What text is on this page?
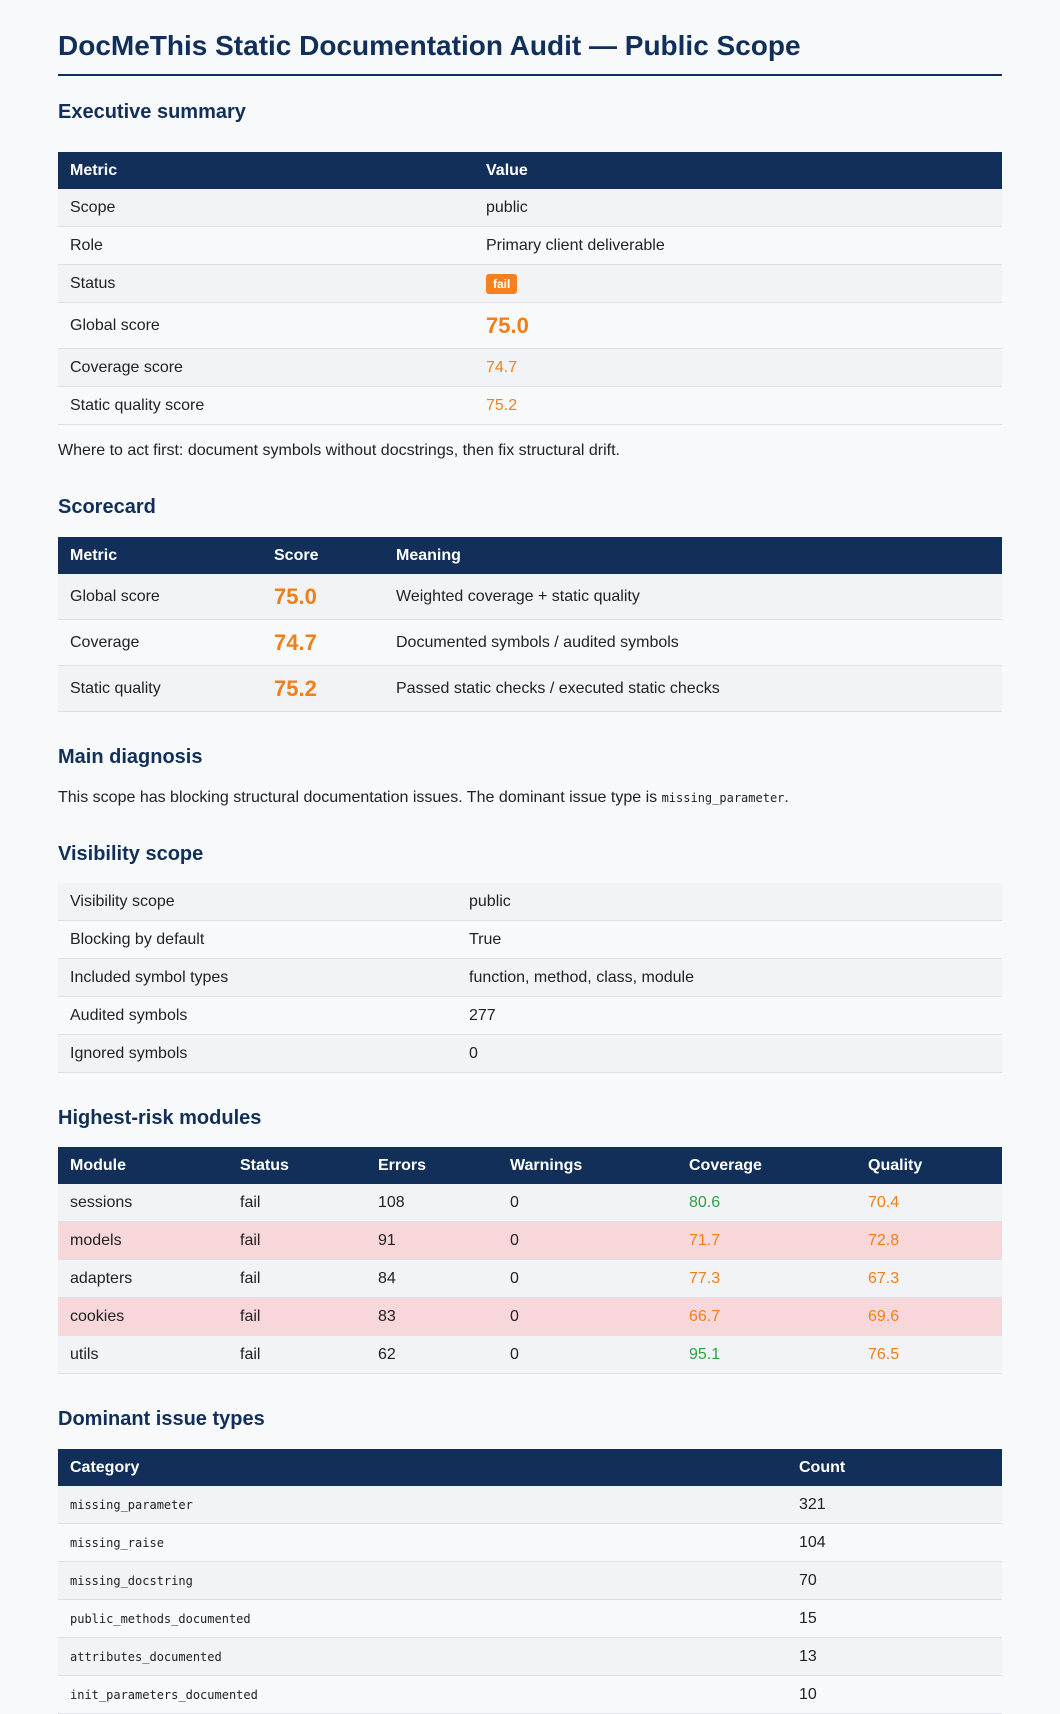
DocMeThis Static Documentation Audit — Public Scope
Executive summary
Metric	Value
Scope	public
Role	Primary client deliverable
Status	fail
Global score	75.0
Coverage score	74.7
Static quality score	75.2

Where to act first: document symbols without docstrings, then fix structural drift.

Scorecard
Metric	Score	Meaning
Global score	75.0	Weighted coverage + static quality
Coverage	74.7	Documented symbols / audited symbols
Static quality	75.2	Passed static checks / executed static checks
Main diagnosis

This scope has blocking structural documentation issues. The dominant issue type is missing_parameter.

Visibility scope
Visibility scope	public
Blocking by default	True
Included symbol types	function, method, class, module
Audited symbols	277
Ignored symbols	0
Highest-risk modules
Module	Status	Errors	Warnings	Coverage	Quality
sessions	fail	108	0	80.6	70.4
models	fail	91	0	71.7	72.8
adapters	fail	84	0	77.3	67.3
cookies	fail	83	0	66.7	69.6
utils	fail	62	0	95.1	76.5
Dominant issue types
Category	Count
missing_parameter	321
missing_raise	104
missing_docstring	70
public_methods_documented	15
attributes_documented	13
init_parameters_documented	10
